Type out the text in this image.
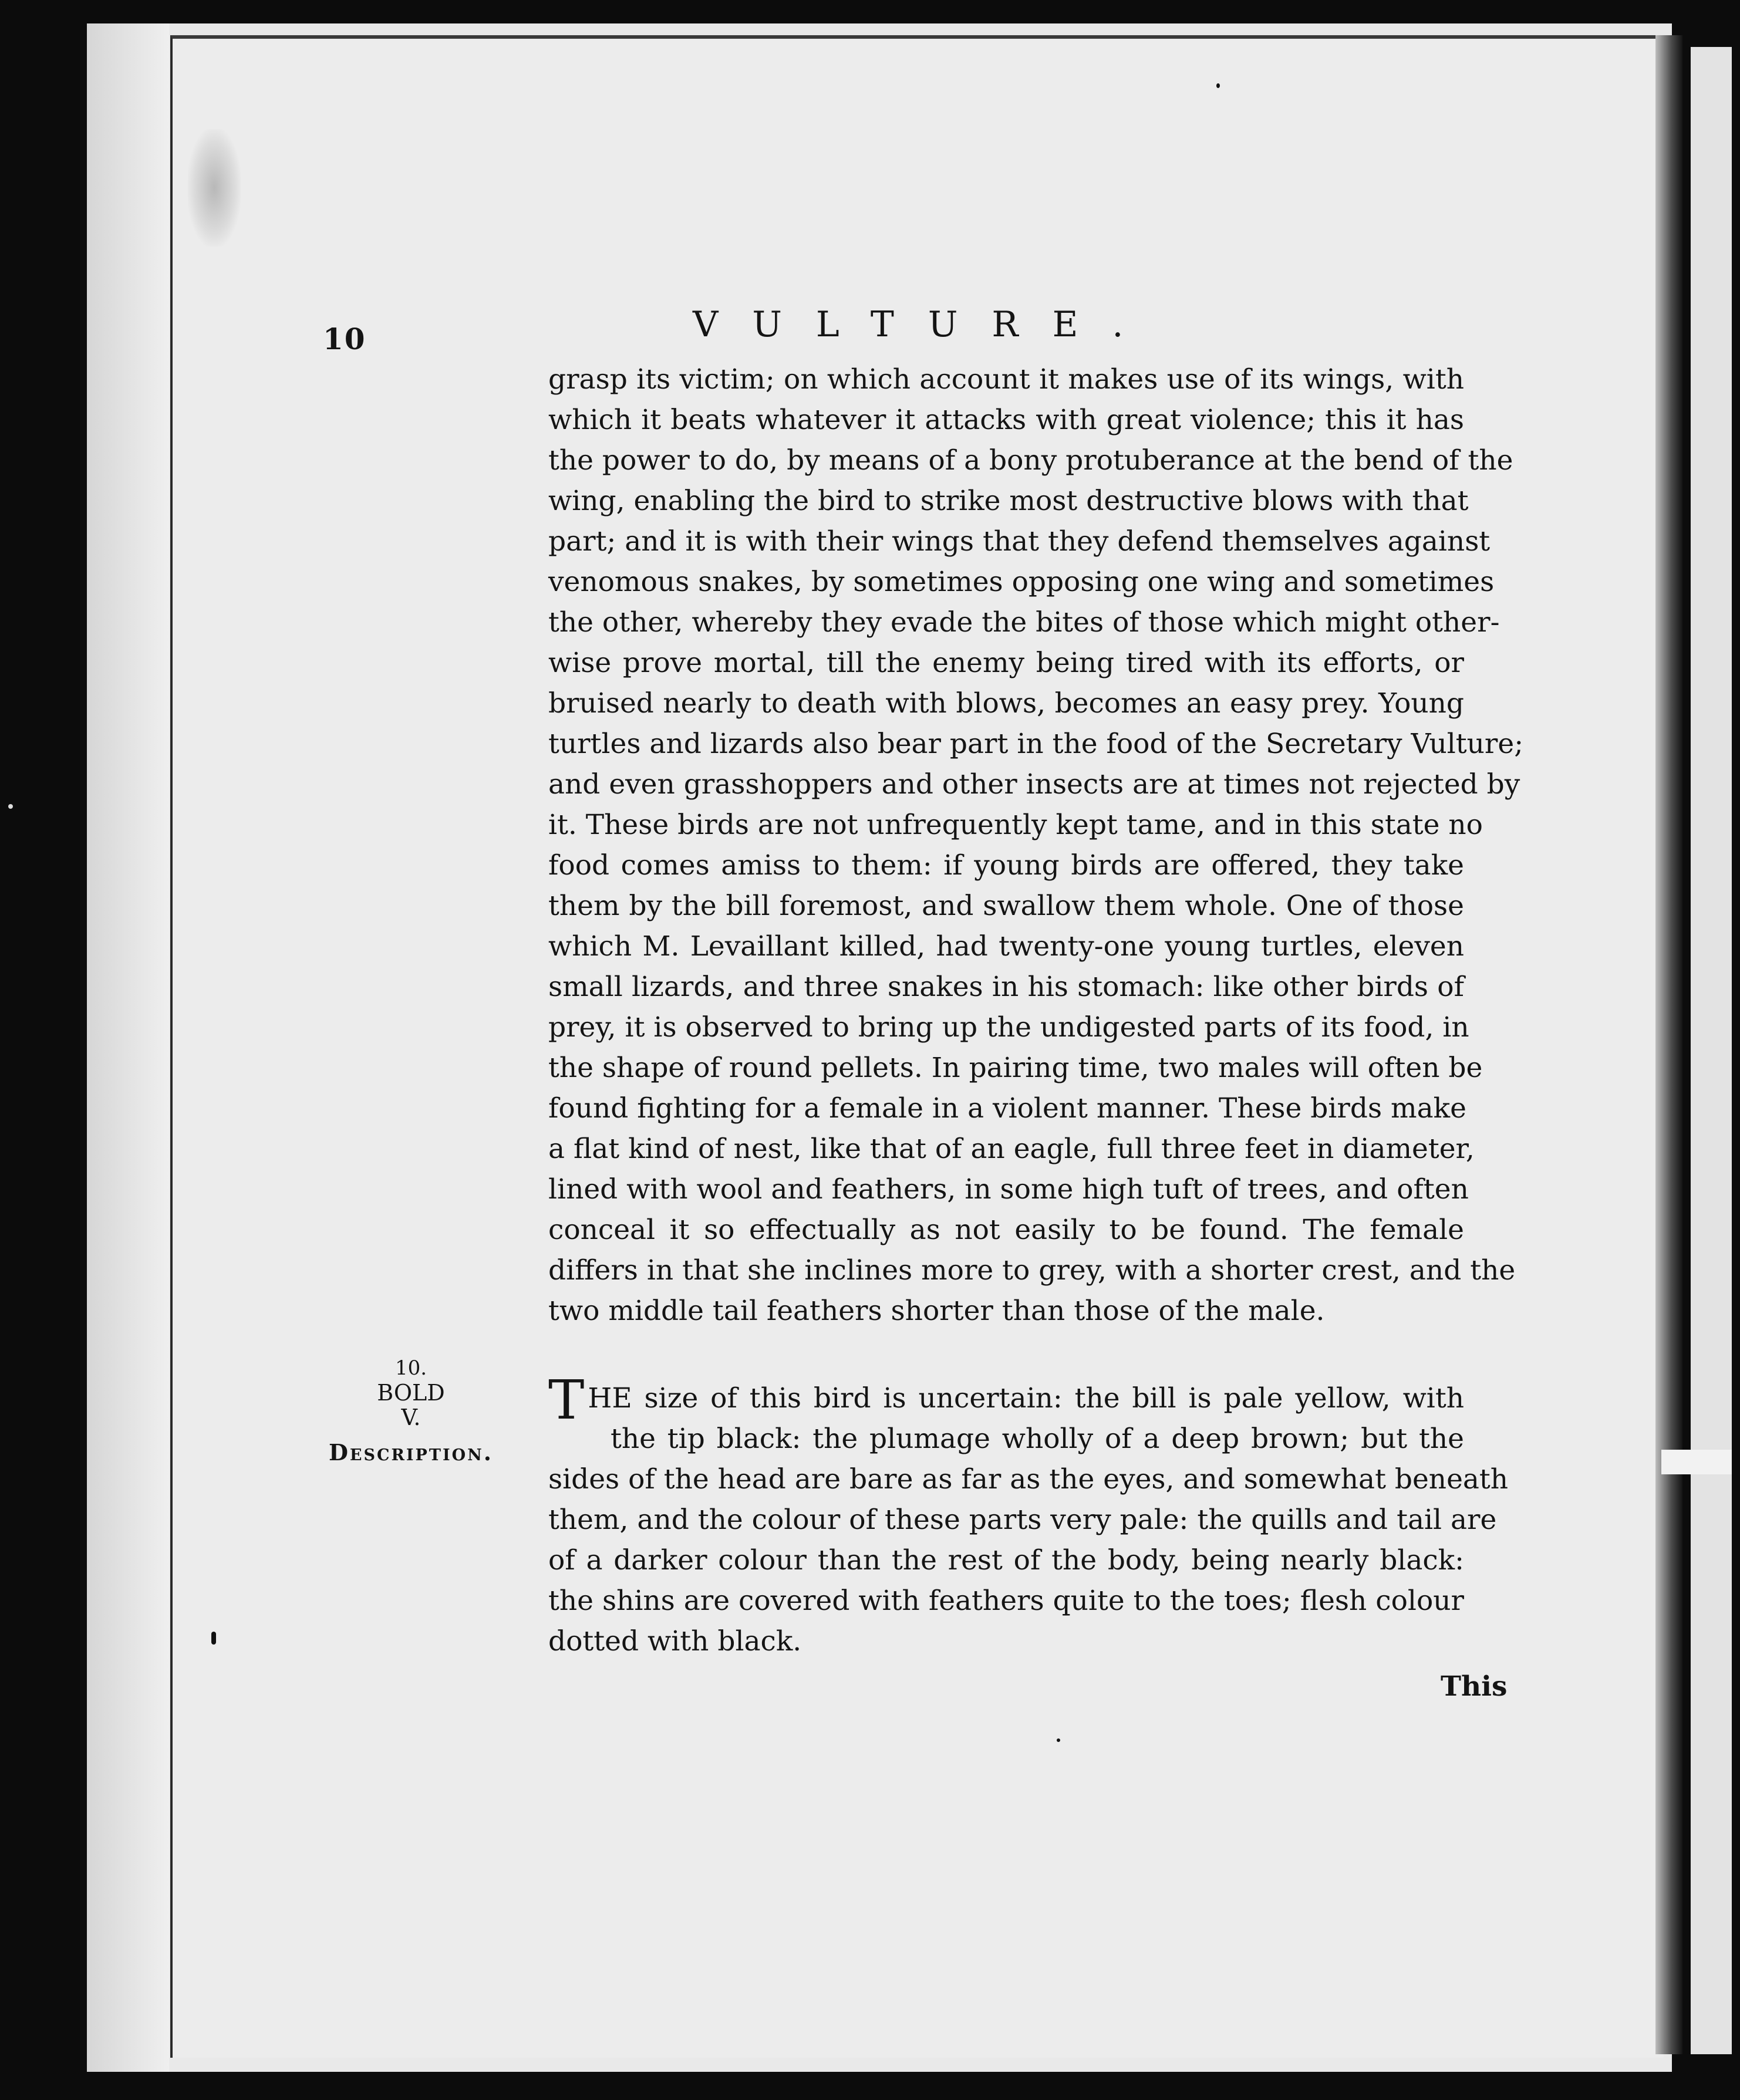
10	VULTURE.
grasp its victim; on which account it makes use of its wings, with
which it beats whatever it attacks with great violence; this it has
the power to do, by means of a bony protuberance at the bend of the
wing, enabling the bird to strike most destructive blows with that
part; and it is with their wings that they defend themselves against
venomous snakes, by sometimes opposing one wing and sometimes
the other, whereby they evade the bites of those which might other-
wise prove mortal, till the enemy being tired with its efforts, or
bruised nearly to death with blows, becomes an easy prey. Young
turtles and lizards also bear part in the food of the Secretary Vulture;
and even grasshoppers and other insects are at times not rejected by
it. These birds are not unfrequently kept tame, and in this state no
food comes amiss to them: if young birds are offered, they take
them by the bill foremost, and swallow them whole. One of those
which M. Levaillant killed, had twenty-one young turtles, eleven
small lizards, and three snakes in his stomach: like other birds of
prey, it is observed to bring up the undigested parts of its food, in
the shape of round pellets. In pairing time, two males will often be
found fighting for a female in a violent manner. These birds make
a flat kind of nest, like that of an eagle, full three feet in diameter,
lined with wool and feathers, in some high tuft of trees, and often
conceal it so effectually as not easily to be found. The female
differs in that she inclines more to grey, with a shorter crest, and the
two middle tail feathers shorter than those of the male.
T HE size of this bird is uncertain: the bill is pale yellow, with
the tip black: the plumage wholly of a deep brown; but the
sides of the head are bare as far as the eyes, and somewhat beneath
them, and the colour of these parts very pale: the quills and tail are
of a darker colour than the rest of the body, being nearly black:
the shins are covered with feathers quite to the toes; flesh colour
dotted with black.
10.
BOLD
V.
Description.
This
